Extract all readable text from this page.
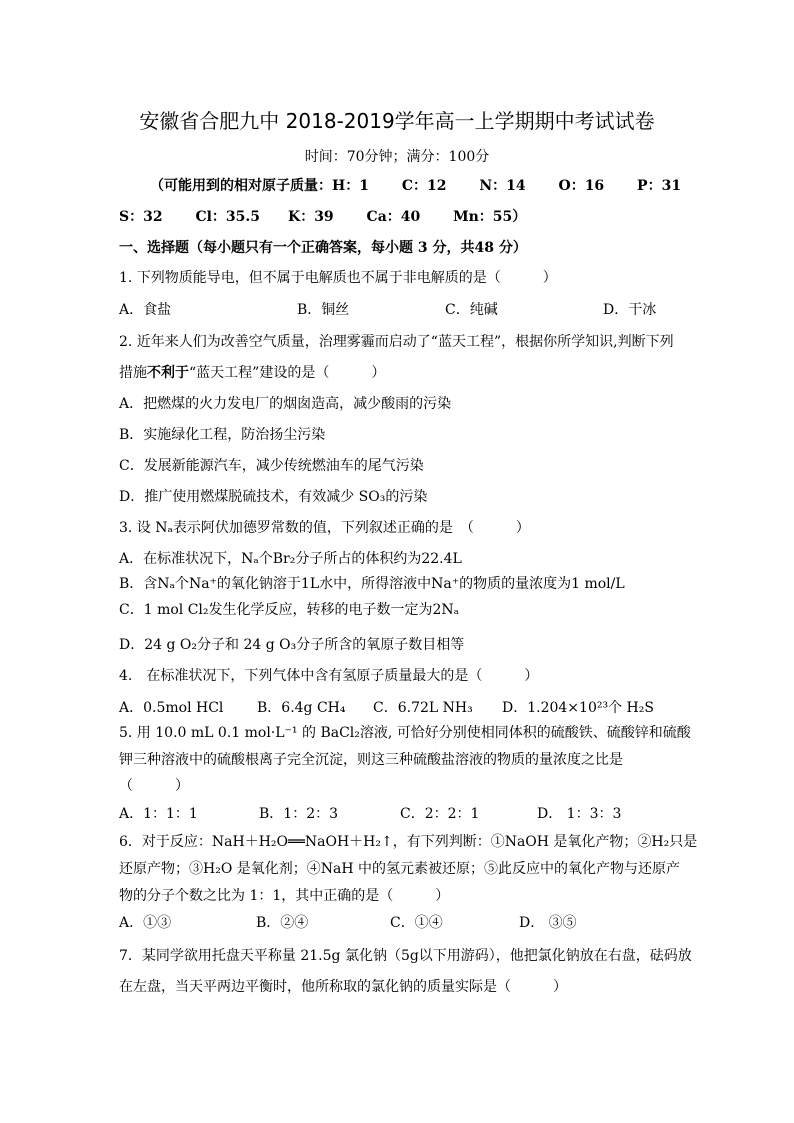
安徽省合肥九中 2018-2019学年高一上学期期中考试试卷
时间：70分钟；满分：100分
（可能用到的相对原子质量：H：1　　 C：12　　 N：14　　 O：16　　 P：31
S：32　　 Cl：35.5　　K：39　　 Ca：40　　 Mn：55）
一、选择题（每小题只有一个正确答案，每小题 3 分，共48 分）
1. 下列物质能导电，但不属于电解质也不属于非电解质的是（　　　）
A．食盐	B．铜丝	C．纯碱	D．干冰
2. 近年来人们为改善空气质量，治理雾霾而启动了“蓝天工程”，根据你所学知识,判断下列
措施不利于“蓝天工程”建设的是（　　　）
A．把燃煤的火力发电厂的烟囱造高，减少酸雨的污染
B．实施绿化工程，防治扬尘污染
C．发展新能源汽车，减少传统燃油车的尾气污染
D．推广使用燃煤脱硫技术，有效减少 SO₃的污染
3. 设 Nₐ表示阿伏加德罗常数的值，下列叙述正确的是　（　　　）
A．在标准状况下，Nₐ个Br₂分子所占的体积约为22.4L
B．含Nₐ个Na⁺的氧化钠溶于1L水中，所得溶液中Na⁺的物质的量浓度为1 mol/L
C．1 mol Cl₂发生化学反应，转移的电子数一定为2Nₐ
D．24 g O₂分子和 24 g O₃分子所含的氧原子数目相等
4.　在标准状况下，下列气体中含有氢原子质量最大的是（　　　）
A．0.5mol HCl B．6.4g CH₄ C．6.72L NH₃ D．1.204×10²³个 H₂S
5. 用 10.0 mL 0.1 mol·L⁻¹ 的 BaCl₂溶液, 可恰好分别使相同体积的硫酸铁、硫酸锌和硫酸
钾三种溶液中的硫酸根离子完全沉淀，则这三种硫酸盐溶液的物质的量浓度之比是
（　　　）
A．1：1：1	B．1：2：3	C．2：2：1	D． 1：3：3
6．对于反应：NaH＋H₂O══NaOH＋H₂↑，有下列判断：①NaOH 是氧化产物；②H₂只是
还原产物；③H₂O 是氧化剂；④NaH 中的氢元素被还原；⑤此反应中的氧化产物与还原产
物的分子个数之比为 1：1，其中正确的是（　　　）
A．①③	B．②④	C．①④	D． ③⑤
7．某同学欲用托盘天平称量 21.5g 氯化钠（5g以下用游码），他把氯化钠放在右盘，砝码放
在左盘，当天平两边平衡时，他所称取的氯化钠的质量实际是（　　　）
